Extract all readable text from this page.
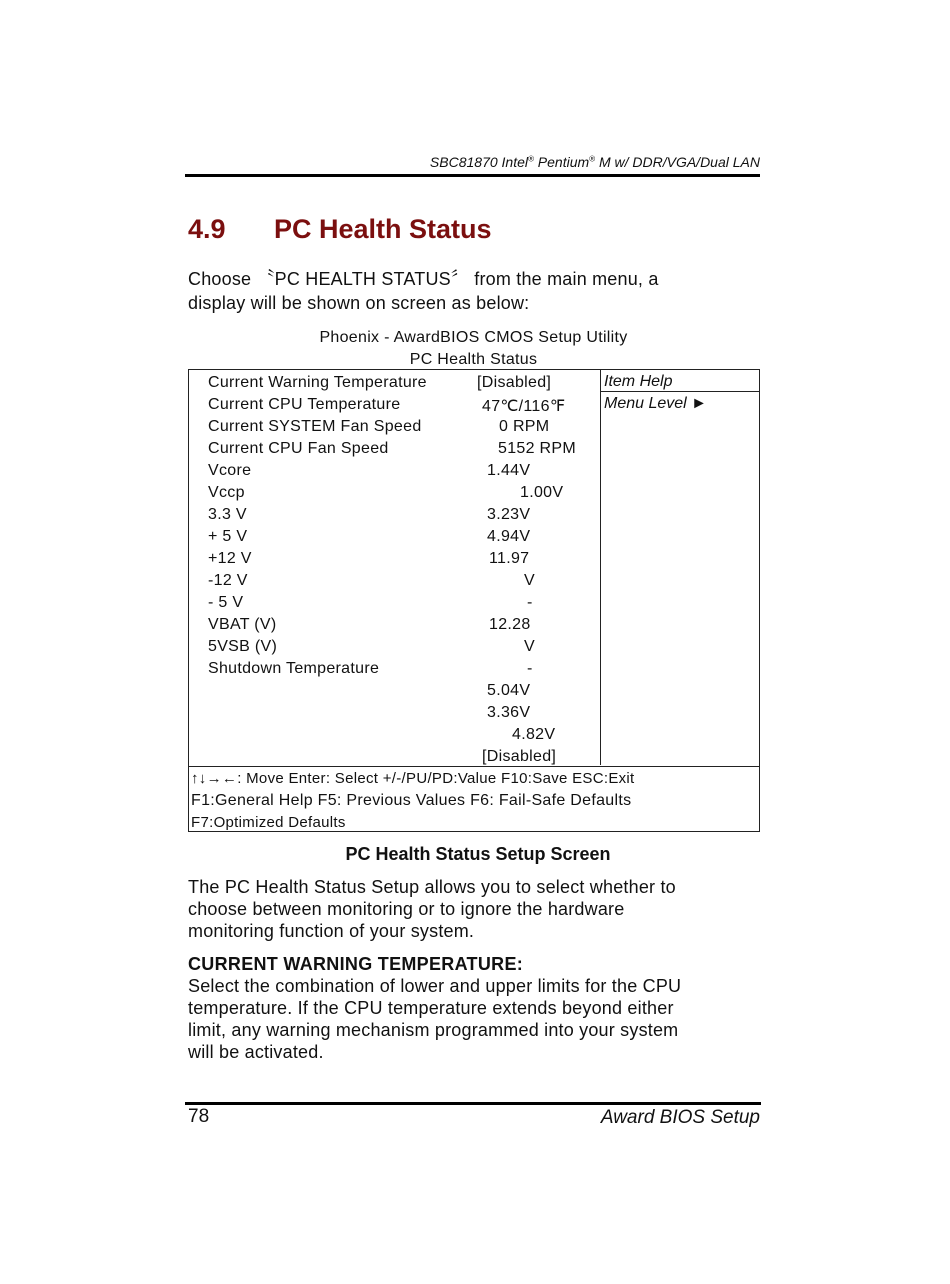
SBC81870 Intel® Pentium® M w/ DDR/VGA/Dual LAN
4.9 PC Health Status
Choose 〝PC HEALTH STATUS〞 from the main menu, a
display will be shown on screen as below:
Phoenix - AwardBIOS CMOS Setup Utility
PC Health Status
Current Warning Temperature
Current CPU Temperature
Current SYSTEM Fan Speed
Current CPU Fan Speed
Vcore
Vccp
3.3 V
+ 5 V
+12 V
-12 V
- 5 V
VBAT (V)
5VSB (V)
Shutdown Temperature
[Disabled]
47℃/116℉
0 RPM
5152 RPM
1.44V
1.00V
3.23V
4.94V
11.97
V
-
12.28
V
-
5.04V
3.36V
4.82V
[Disabled]
Item Help
Menu Level ►
↑↓→←: Move Enter: Select +/-/PU/PD:Value F10:Save ESC:Exit
F1:General Help F5: Previous Values F6: Fail-Safe Defaults
F7:Optimized Defaults
PC Health Status Setup Screen
The PC Health Status Setup allows you to select whether to
choose between monitoring or to ignore the hardware
monitoring function of your system.
CURRENT WARNING TEMPERATURE:
Select the combination of lower and upper limits for the CPU
temperature. If the CPU temperature extends beyond either
limit, any warning mechanism programmed into your system
will be activated.
78	Award BIOS Setup
